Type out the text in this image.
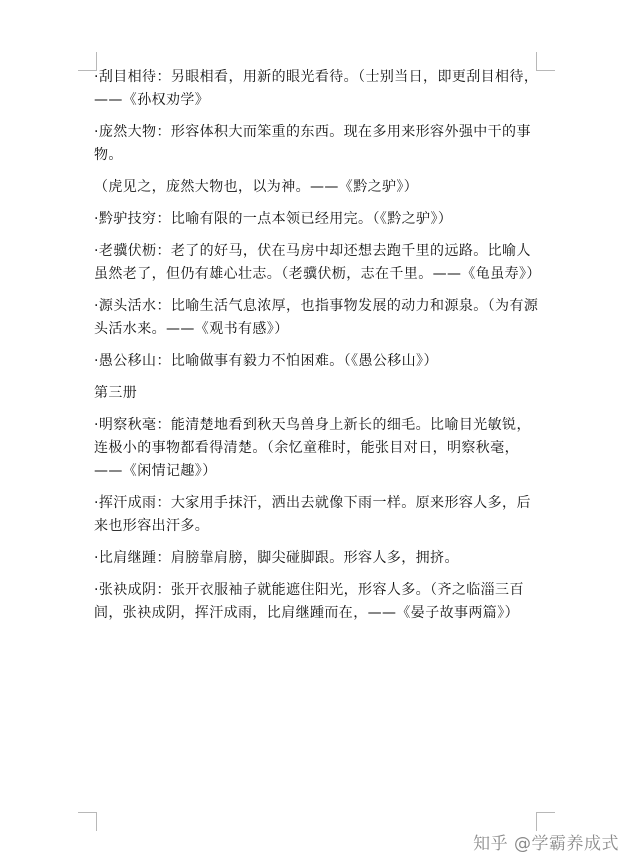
·刮目相待：另眼相看，用新的眼光看待。（士别当日，即更刮目相待，——《孙权劝学》

·庞然大物：形容体积大而笨重的东西。现在多用来形容外强中干的事物。

（虎见之，庞然大物也，以为神。——《黔之驴》）

·黔驴技穷：比喻有限的一点本领已经用完。（《黔之驴》）

·老骥伏枥：老了的好马，伏在马房中却还想去跑千里的远路。比喻人虽然老了，但仍有雄心壮志。（老骥伏枥，志在千里。——《龟虽寿》）

·源头活水：比喻生活气息浓厚，也指事物发展的动力和源泉。（为有源头活水来。——《观书有感》）

·愚公移山：比喻做事有毅力不怕困难。（《愚公移山》）

第三册

·明察秋毫：能清楚地看到秋天鸟兽身上新长的细毛。比喻目光敏锐，连极小的事物都看得清楚。（余忆童稚时，能张目对日，明察秋毫，——《闲情记趣》）

·挥汗成雨：大家用手抹汗，洒出去就像下雨一样。原来形容人多，后来也形容出汗多。

·比肩继踵：肩膀靠肩膀，脚尖碰脚跟。形容人多，拥挤。

·张袂成阴：张开衣服袖子就能遮住阳光，形容人多。（齐之临淄三百闾，张袂成阴，挥汗成雨，比肩继踵而在，——《晏子故事两篇》）

知乎 @学霸养成式
